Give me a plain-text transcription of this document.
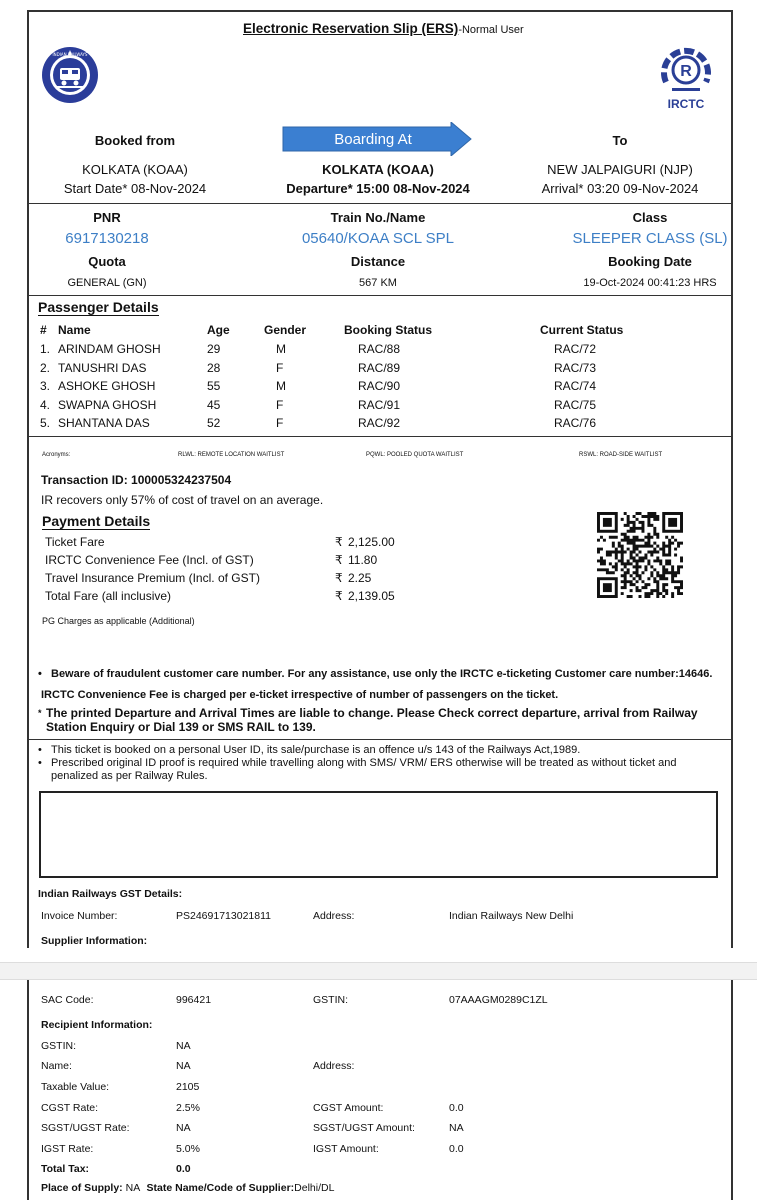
Electronic Reservation Slip (ERS)-Normal User
INDIAN RAILWAYS
R
IRCTC
Booked from	Boarding At	To
KOLKATA (KOAA)	KOLKATA (KOAA)	NEW JALPAIGURI (NJP)
Start Date* 08-Nov-2024	Departure* 15:00 08-Nov-2024	Arrival* 03:20 09-Nov-2024
PNR	Train No./Name	Class
6917130218	05640/KOAA SCL SPL	SLEEPER CLASS (SL)
Quota	Distance	Booking Date
GENERAL (GN)	567 KM	19-Oct-2024 00:41:23 HRS
Passenger Details
# Name	Age	Gender	Booking Status	Current Status
1. ARINDAM GHOSH	29	M	RAC/88	RAC/72
2. TANUSHRI DAS	28	F	RAC/89	RAC/73
3. ASHOKE GHOSH	55	M	RAC/90	RAC/74
4. SWAPNA GHOSH	45	F	RAC/91	RAC/75
5. SHANTANA DAS	52	F	RAC/92	RAC/76
Acronyms:	RLWL: REMOTE LOCATION WAITLIST	PQWL: POOLED QUOTA WAITLIST	RSWL: ROAD-SIDE WAITLIST
Transaction ID: 100005324237504
IR recovers only 57% of cost of travel on an average.
Payment Details
Ticket Fare	₹ 2,125.00
IRCTC Convenience Fee (Incl. of GST)	₹ 11.80
Travel Insurance Premium (Incl. of GST)	₹ 2.25
Total Fare (all inclusive)	₹ 2,139.05
PG Charges as applicable (Additional)
• Beware of fraudulent customer care number. For any assistance, use only the IRCTC e-ticketing Customer care number:14646.
IRCTC Convenience Fee is charged per e-ticket irrespective of number of passengers on the ticket.
* The printed Departure and Arrival Times are liable to change. Please Check correct departure, arrival from Railway Station Enquiry or Dial 139 or SMS RAIL to 139.
• This ticket is booked on a personal User ID, its sale/purchase is an offence u/s 143 of the Railways Act,1989.
• Prescribed original ID proof is required while travelling along with SMS/ VRM/ ERS otherwise will be treated as without ticket and penalized as per Railway Rules.
Indian Railways GST Details:
Invoice Number:	PS24691713021811	Address:	Indian Railways New Delhi
Supplier Information:
SAC Code:	996421	GSTIN:	07AAAGM0289C1ZL
Recipient Information:
GSTIN:	NA
Name:	NA	Address:
Taxable Value:	2105
CGST Rate:	2.5%	CGST Amount:	0.0
SGST/UGST Rate:	NA	SGST/UGST Amount:	NA
IGST Rate:	5.0%	IGST Amount:	0.0
Total Tax:	0.0
Place of Supply: NA State Name/Code of Supplier:Delhi/DL
